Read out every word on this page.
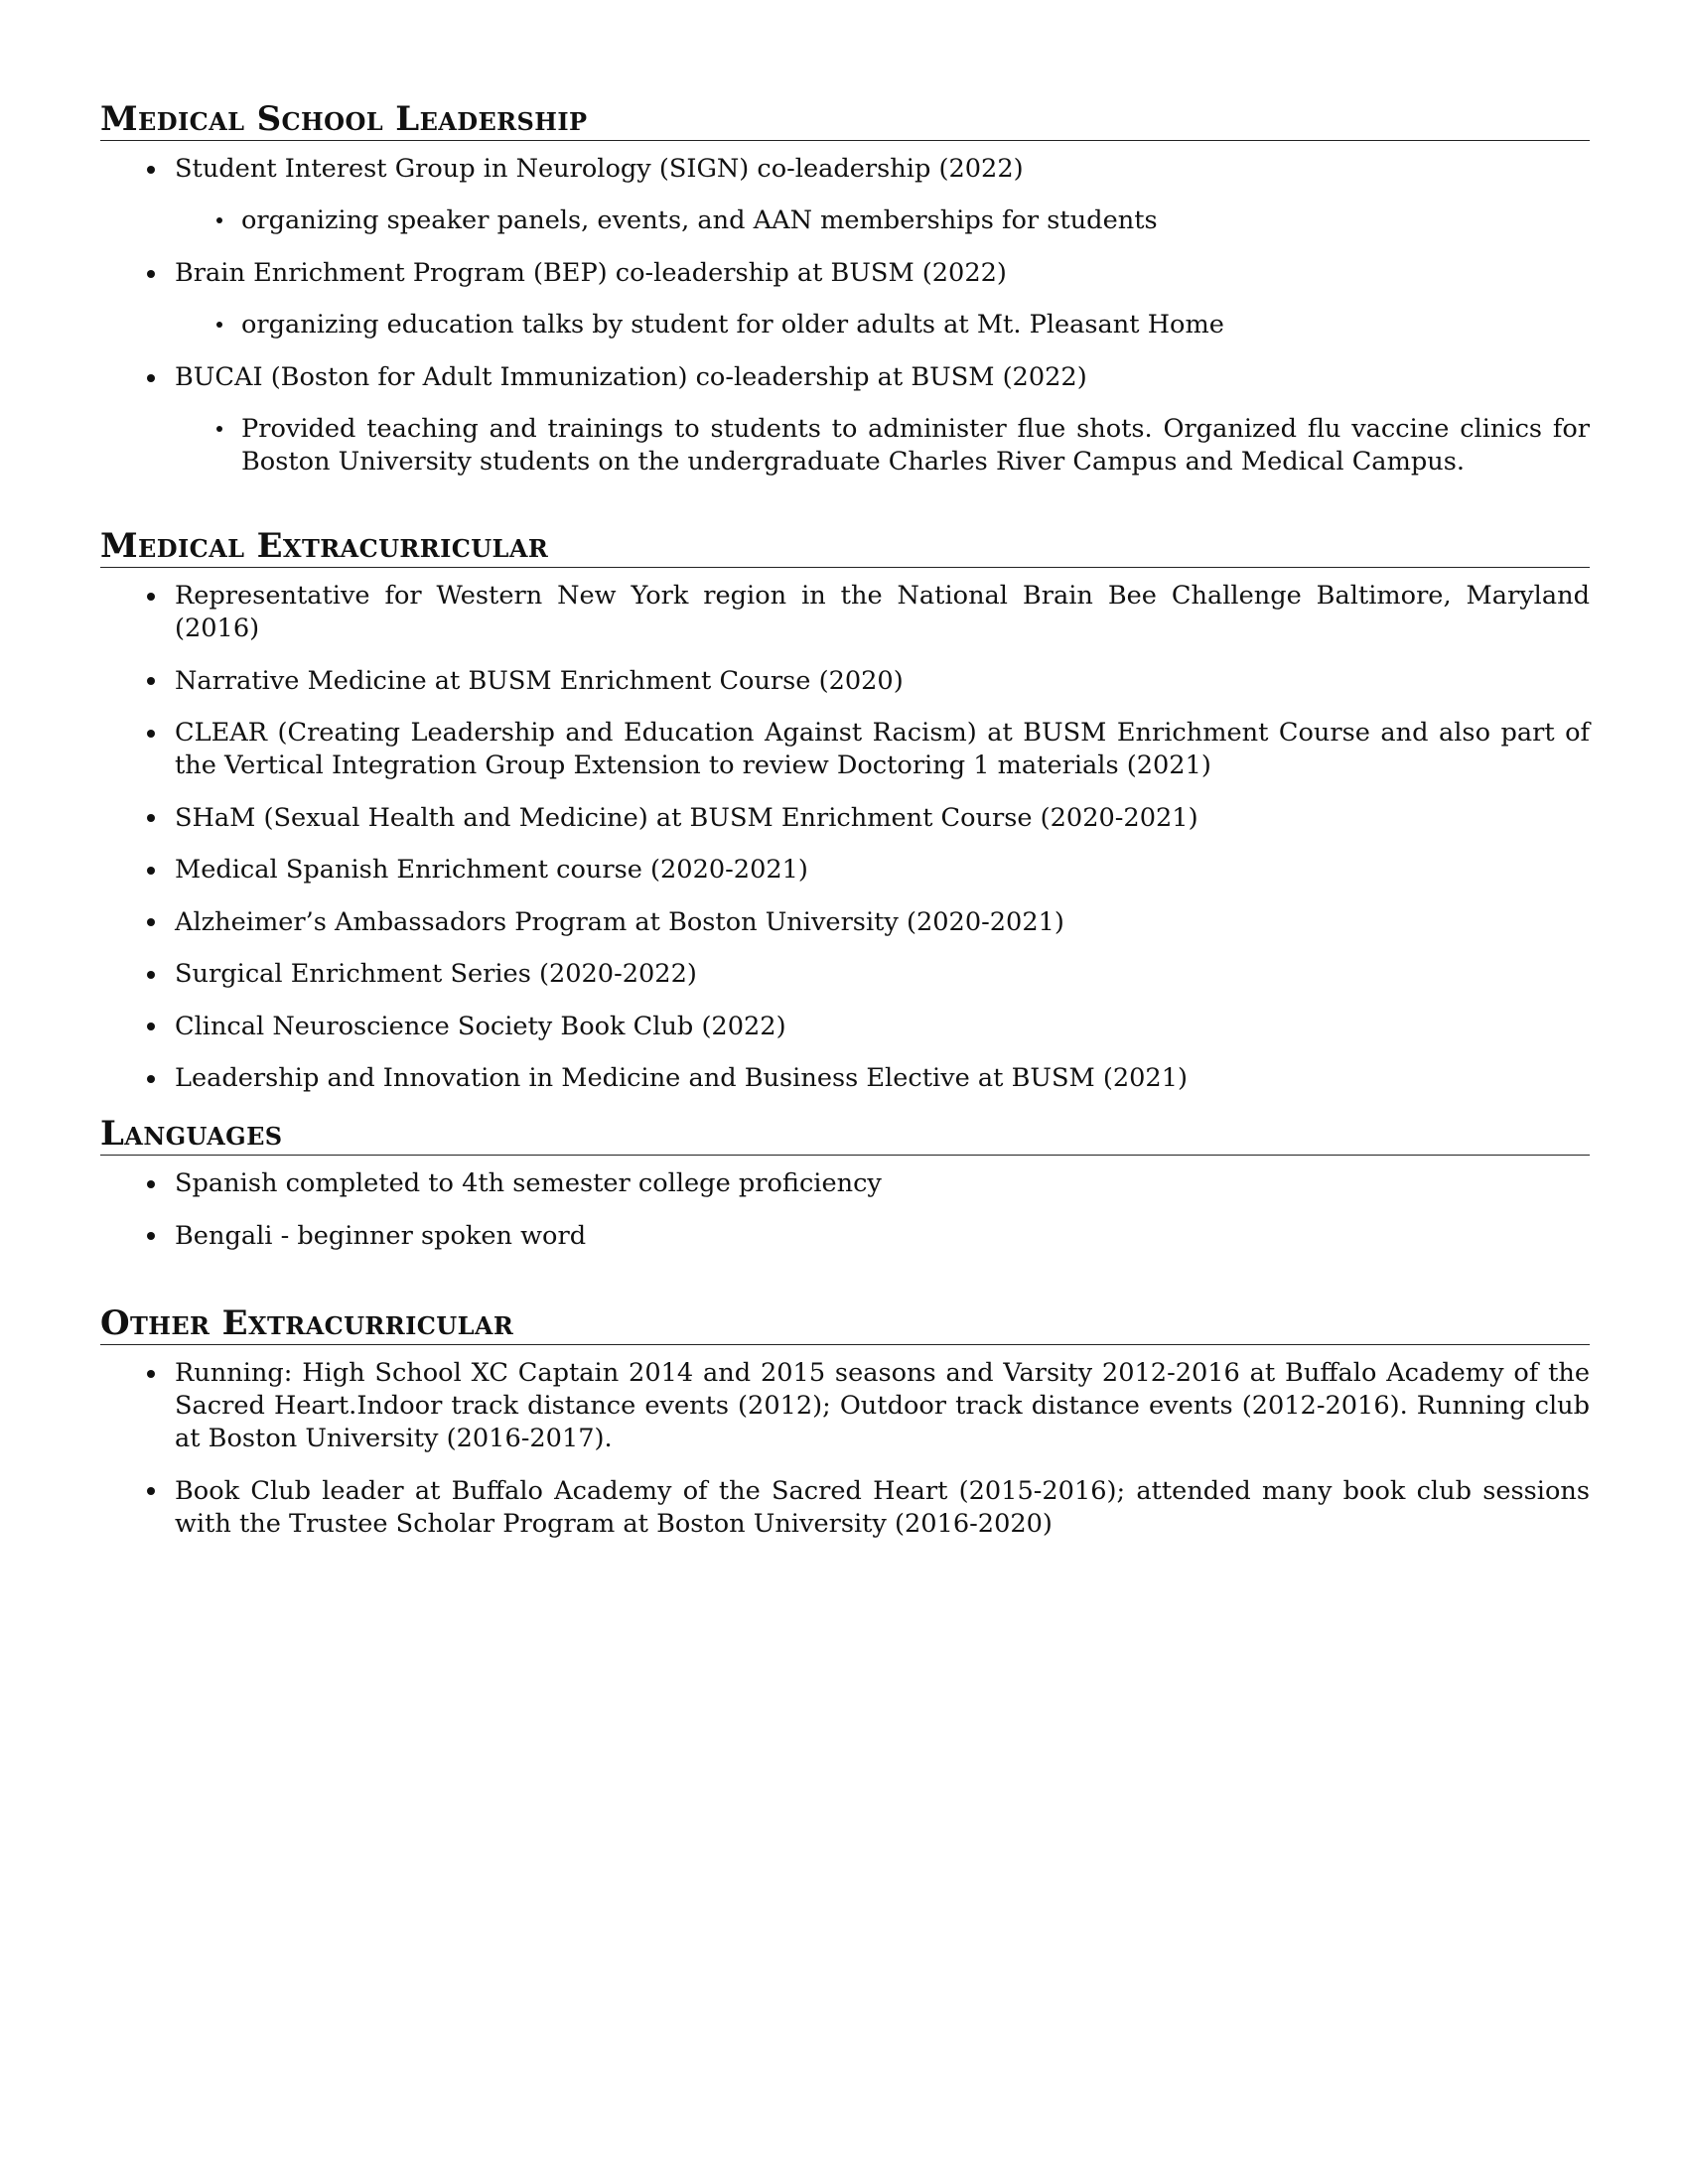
Medical School Leadership
Student Interest Group in Neurology (SIGN) co-leadership (2022)
organizing speaker panels, events, and AAN memberships for students
Brain Enrichment Program (BEP) co-leadership at BUSM (2022)
organizing education talks by student for older adults at Mt. Pleasant Home
BUCAI (Boston for Adult Immunization) co-leadership at BUSM (2022)
Provided teaching and trainings to students to administer flue shots. Organized flu vaccine clinics for Boston University students on the undergraduate Charles River Campus and Medical Campus.
Medical Extracurricular
Representative for Western New York region in the National Brain Bee Challenge Baltimore, Maryland (2016)
Narrative Medicine at BUSM Enrichment Course (2020)
CLEAR (Creating Leadership and Education Against Racism) at BUSM Enrichment Course and also part of the Vertical Integration Group Extension to review Doctoring 1 materials (2021)
SHaM (Sexual Health and Medicine) at BUSM Enrichment Course (2020-2021)
Medical Spanish Enrichment course (2020-2021)
Alzheimer’s Ambassadors Program at Boston University (2020-2021)
Surgical Enrichment Series (2020-2022)
Clincal Neuroscience Society Book Club (2022)
Leadership and Innovation in Medicine and Business Elective at BUSM (2021)
Languages
Spanish completed to 4th semester college proficiency
Bengali - beginner spoken word
Other Extracurricular
Running: High School XC Captain 2014 and 2015 seasons and Varsity 2012-2016 at Buffalo Academy of the Sacred Heart.Indoor track distance events (2012); Outdoor track distance events (2012-2016). Running club at Boston University (2016-2017).
Book Club leader at Buffalo Academy of the Sacred Heart (2015-2016); attended many book club sessions with the Trustee Scholar Program at Boston University (2016-2020)
